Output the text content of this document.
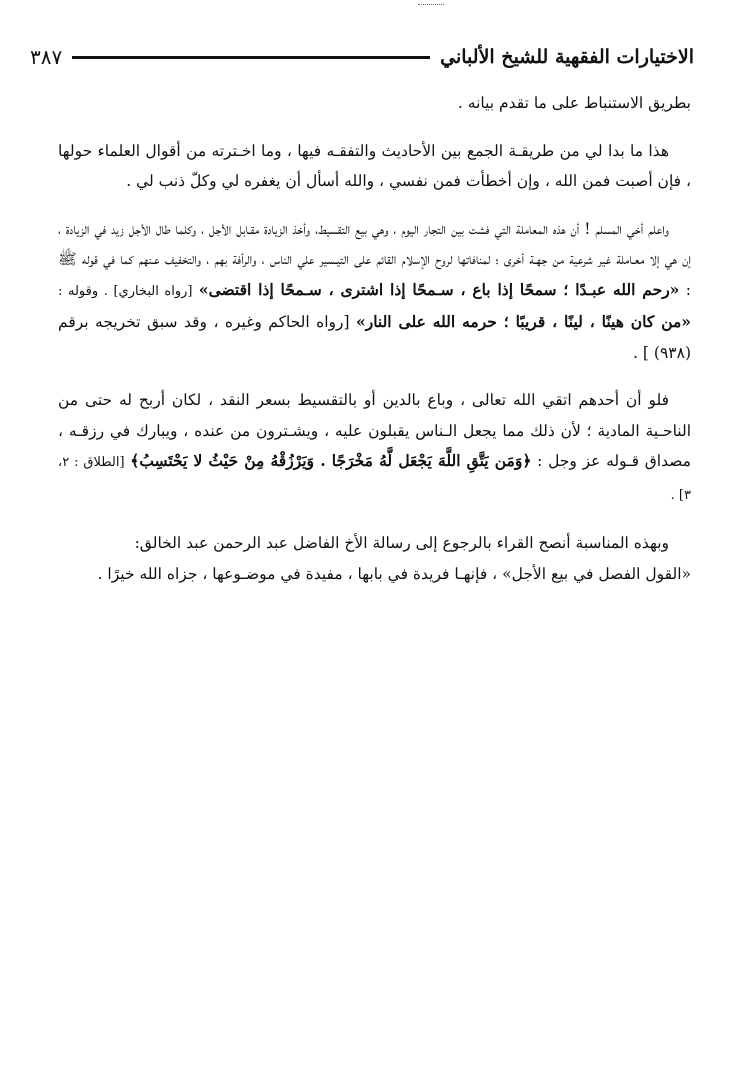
الاختيارات الفقهية للشيخ الألباني
٣٨٧

بطريق الاستنباط على ما تقدم بيانه .

هذا ما بدا لي من طريقـة الجمع بين الأحاديث والتفقـه فيها ، وما اخـترته من أقوال العلماء حولها ، فإن أصبت فمن الله ، وإن أخطأت فمن نفسي ، والله أسأل أن يغفره لي وكلّ ذنب لي .

واعلم أخي المسلم ! أن هذه المعاملة التي فشت بين التجار اليوم ، وهي بيع التقسيط، وأخذ الزيادة مقـابل الأجل ، وكلما طال الأجل زيد في الزيادة ، إن هي إلا معـاملة غير شرعية من جهـة أخرى ؛ لمنافاتها لروح الإسلام القائم على التيـسير علي الناس ، والرأفة بهم ، والتخفيف عـنهم كما في قوله ﷺ : «رحم الله عبـدًا ؛ سمحًا إذا باع ، سـمحًا إذا اشترى ، سـمحًا إذا اقتضى» [رواه البخاري] . وقوله : «من كان هينًا ، لينًا ، قريبًا ؛ حرمه الله على النار» [رواه الحاكم وغيره ، وقد سبق تخريجه برقم (٩٣٨) ] .

فلو أن أحدهم اتقي الله تعالى ، وباع بالدين أو بالتقسيط بسعر النقد ، لكان أربح له حتى من الناحـية المادية ؛ لأن ذلك مما يجعل الـناس يقبلون عليه ، ويشـترون من عنده ، ويبارك في رزقـه ، مصداق قـوله عز وجل : ﴿وَمَن يَتَّقِ اللَّهَ يَجْعَل لَّهُ مَخْرَجًا . وَيَرْزُقْهُ مِنْ حَيْثُ لا يَحْتَسِبُ﴾ [الطلاق : ٢، ٣] .

وبهذه المناسبة أنصح القراء بالرجوع إلى رسالة الأخ الفاضل عبد الرحمن عبد الخالق:
«القول الفصل في بيع الأجل» ، فإنهـا فريدة في بابها ، مفيدة في موضـوعها ، جزاه الله خيرًا .
